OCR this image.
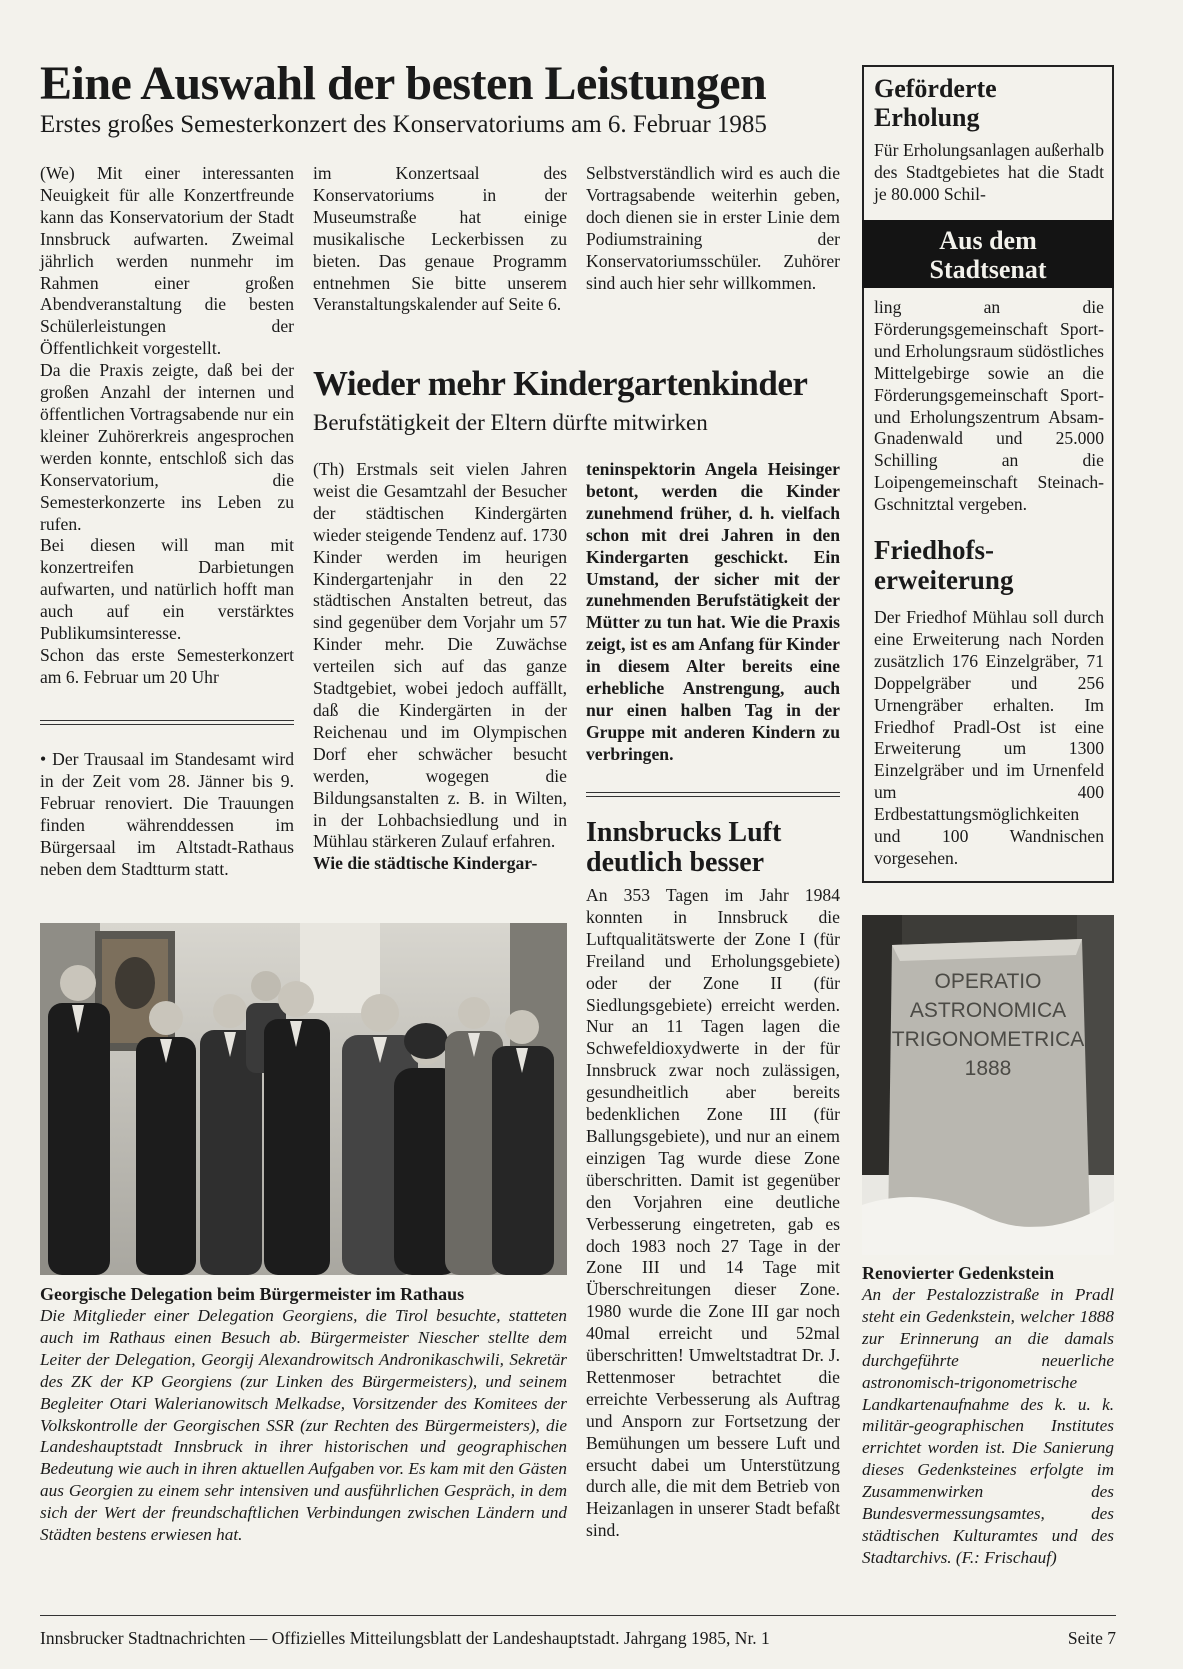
Eine Auswahl der besten Leistungen
Erstes großes Semesterkonzert des Konservatoriums am 6. Februar 1985

(We) Mit einer interessanten Neuigkeit für alle Konzertfreunde kann das Konservatorium der Stadt Innsbruck aufwarten. Zweimal jährlich werden nunmehr im Rahmen einer großen Abendveranstaltung die besten Schülerleistungen der Öffentlichkeit vorgestellt.

Da die Praxis zeigte, daß bei der großen Anzahl der internen und öffentlichen Vortragsabende nur ein kleiner Zuhörerkreis angesprochen werden konnte, entschloß sich das Konservatorium, die Semesterkonzerte ins Leben zu rufen.

Bei diesen will man mit konzertreifen Darbietungen aufwarten, und natürlich hofft man auch auf ein verstärktes Publikumsinteresse.

Schon das erste Semesterkonzert am 6. Februar um 20 Uhr

im Konzertsaal des Konservatoriums in der Museumstraße hat einige musikalische Leckerbissen zu bieten. Das genaue Programm entnehmen Sie bitte unserem Veranstaltungskalender auf Seite 6.

Selbstverständlich wird es auch die Vortragsabende weiterhin geben, doch dienen sie in erster Linie dem Podiumstraining der Konservatoriumsschüler. Zuhörer sind auch hier sehr willkommen.

• Der Trausaal im Standesamt wird in der Zeit vom 28. Jänner bis 9. Februar renoviert. Die Trauungen finden währenddessen im Bürgersaal im Altstadt-Rathaus neben dem Stadtturm statt.

Wieder mehr Kindergartenkinder
Berufstätigkeit der Eltern dürfte mitwirken

(Th) Erstmals seit vielen Jahren weist die Gesamtzahl der Besucher der städtischen Kindergärten wieder steigende Tendenz auf. 1730 Kinder werden im heurigen Kindergartenjahr in den 22 städtischen Anstalten betreut, das sind gegenüber dem Vorjahr um 57 Kinder mehr. Die Zuwächse verteilen sich auf das ganze Stadtgebiet, wobei jedoch auffällt, daß die Kindergärten in der Reichenau und im Olympischen Dorf eher schwächer besucht werden, wogegen die Bildungsanstalten z. B. in Wilten, in der Lohbachsiedlung und in Mühlau stärkeren Zulauf erfahren.

Wie die städtische Kindergar-

teninspektorin Angela Heisinger betont, werden die Kinder zunehmend früher, d. h. vielfach schon mit drei Jahren in den Kindergarten geschickt. Ein Umstand, der sicher mit der zunehmenden Berufstätigkeit der Mütter zu tun hat. Wie die Praxis zeigt, ist es am Anfang für Kinder in diesem Alter bereits eine erhebliche Anstrengung, auch nur einen halben Tag in der Gruppe mit anderen Kindern zu verbringen.

Innsbrucks Luft
deutlich besser

An 353 Tagen im Jahr 1984 konnten in Innsbruck die Luftqualitätswerte der Zone I (für Freiland und Erholungsgebiete) oder der Zone II (für Siedlungsgebiete) erreicht werden. Nur an 11 Tagen lagen die Schwefeldioxydwerte in der für Innsbruck zwar noch zulässigen, gesundheitlich aber bereits bedenklichen Zone III (für Ballungsgebiete), und nur an einem einzigen Tag wurde diese Zone überschritten. Damit ist gegenüber den Vorjahren eine deutliche Verbesserung eingetreten, gab es doch 1983 noch 27 Tage in der Zone III und 14 Tage mit Überschreitungen dieser Zone. 1980 wurde die Zone III gar noch 40mal erreicht und 52mal überschritten! Umweltstadtrat Dr. J. Rettenmoser betrachtet die erreichte Verbesserung als Auftrag und Ansporn zur Fortsetzung der Bemühungen um bessere Luft und ersucht dabei um Unterstützung durch alle, die mit dem Betrieb von Heizanlagen in unserer Stadt befaßt sind.

Georgische Delegation beim Bürgermeister im Rathaus
Die Mitglieder einer Delegation Georgiens, die Tirol besuchte, statteten auch im Rathaus einen Besuch ab. Bürgermeister Niescher stellte dem Leiter der Delegation, Georgij Alexandrowitsch Andronikaschwili, Sekretär des ZK der KP Georgiens (zur Linken des Bürgermeisters), und seinem Begleiter Otari Walerianowitsch Melkadse, Vorsitzender des Komitees der Volkskontrolle der Georgischen SSR (zur Rechten des Bürgermeisters), die Landeshauptstadt Innsbruck in ihrer historischen und geographischen Bedeutung wie auch in ihren aktuellen Aufgaben vor. Es kam mit den Gästen aus Georgien zu einem sehr intensiven und ausführlichen Gespräch, in dem sich der Wert der freundschaftlichen Verbindungen zwischen Ländern und Städten bestens erwiesen hat.
Geförderte
Erholung

Für Erholungsanlagen außerhalb des Stadtgebietes hat die Stadt je 80.000 Schil-

Aus dem
Stadtsenat

ling an die Förderungsgemeinschaft Sport- und Erholungsraum südöstliches Mittelgebirge sowie an die Förderungsgemeinschaft Sport- und Erholungszentrum Absam-Gnadenwald und 25.000 Schilling an die Loipengemeinschaft Steinach-Gschnitztal vergeben.

Friedhofs-
erweiterung

Der Friedhof Mühlau soll durch eine Erweiterung nach Norden zusätzlich 176 Einzelgräber, 71 Doppelgräber und 256 Urnengräber erhalten. Im Friedhof Pradl-Ost ist eine Erweiterung um 1300 Einzelgräber und im Urnenfeld um 400 Erdbestattungsmöglichkeiten und 100 Wandnischen vorgesehen.

OPERATIO
ASTRONOMICA
TRIGONOMETRICA
1888
Renovierter Gedenkstein
An der Pestalozzistraße in Pradl steht ein Gedenkstein, welcher 1888 zur Erinnerung an die damals durchgeführte neuerliche astronomisch-trigonometrische Landkartenaufnahme des k. u. k. militär-geographischen Institutes errichtet worden ist. Die Sanierung dieses Gedenksteines erfolgte im Zusammenwirken des Bundesvermessungsamtes, des städtischen Kulturamtes und des Stadtarchivs. (F.: Frischauf)
Innsbrucker Stadtnachrichten — Offizielles Mitteilungsblatt der Landeshauptstadt. Jahrgang 1985, Nr. 1	Seite 7
